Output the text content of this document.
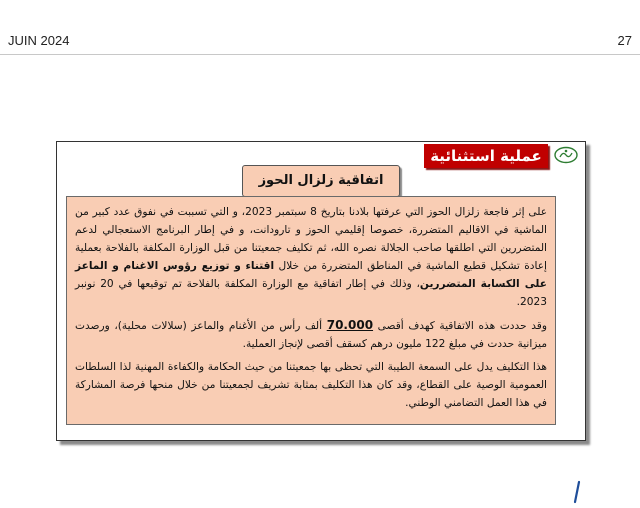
JUIN 2024	27
عملية استثنائية
اتفاقية زلزال الحوز

على إثر فاجعة زلزال الحوز التي عرفتها بلادنا بتاريخ 8 سبتمبر 2023، و التي تسببت في نفوق عدد كبير من الماشية في الاقاليم المتضررة، خصوصا إقليمي الحوز و تارودانت، و في إطار البرنامج الاستعجالي لدعم المتضررين التي اطلقها صاحب الجلالة نصره الله، ثم تكليف جمعيتنا من قبل الوزارة المكلفة بالفلاحة بعملية إعادة تشكيل قطيع الماشية في المناطق المتضررة من خلال اقتناء و توزيع رؤوس الاغنام و الماعز على الكسابة المتضررين، وذلك في إطار اتفاقية مع الوزارة المكلفة بالفلاحة تم توقيعها في 20 نونبر 2023.

وقد حددت هذه الاتفاقية كهدف أقصى 70.000 ألف رأس من الأغنام والماعز (سلالات محلية)، ورصدت ميزانية حددت في مبلغ 122 مليون درهم كسقف أقصى لإنجاز العملية.

هذا التكليف يدل على السمعة الطيبة التي تحظى بها جمعيتنا من حيث الحكامة والكفاءة المهنية لذا السلطات العمومية الوصية على القطاع، وقد كان هذا التكليف بمثابة تشريف لجمعيتنا من خلال منحها فرصة المشاركة في هذا العمل التضامني الوطني.
